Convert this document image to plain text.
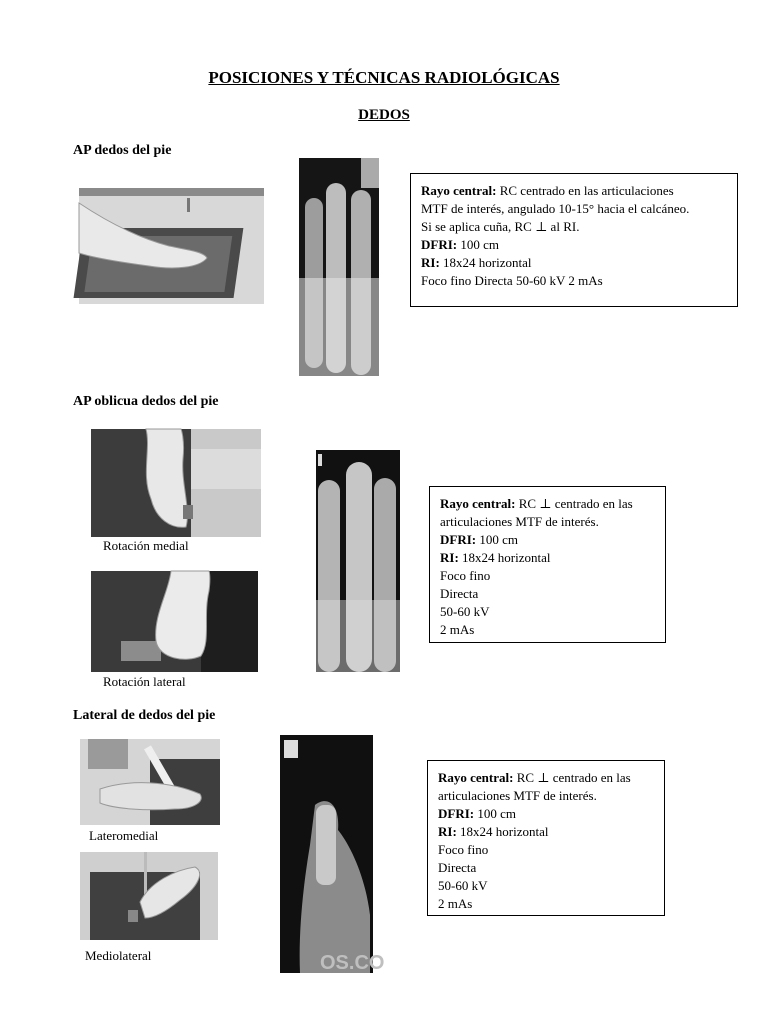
POSICIONES Y TÉCNICAS RADIOLÓGICAS
DEDOS
AP dedos del pie
Rayo central: RC centrado en las articulaciones
MTF de interés, angulado 10-15° hacia el calcáneo.
Si se aplica cuña, RC ⊥ al RI.
DFRI: 100 cm
RI: 18x24 horizontal
Foco fino Directa 50-60 kV 2 mAs
AP oblicua dedos del pie
Rotación medial
Rotación lateral
Rayo central: RC ⊥ centrado en las
articulaciones MTF de interés.
DFRI: 100 cm
RI: 18x24 horizontal
Foco fino
Directa
50-60 kV
2 mAs
Lateral de dedos del pie
Lateromedial
Mediolateral	OS.CO
Rayo central: RC ⊥ centrado en las
articulaciones MTF de interés.
DFRI: 100 cm
RI: 18x24 horizontal
Foco fino
Directa
50-60 kV
2 mAs
